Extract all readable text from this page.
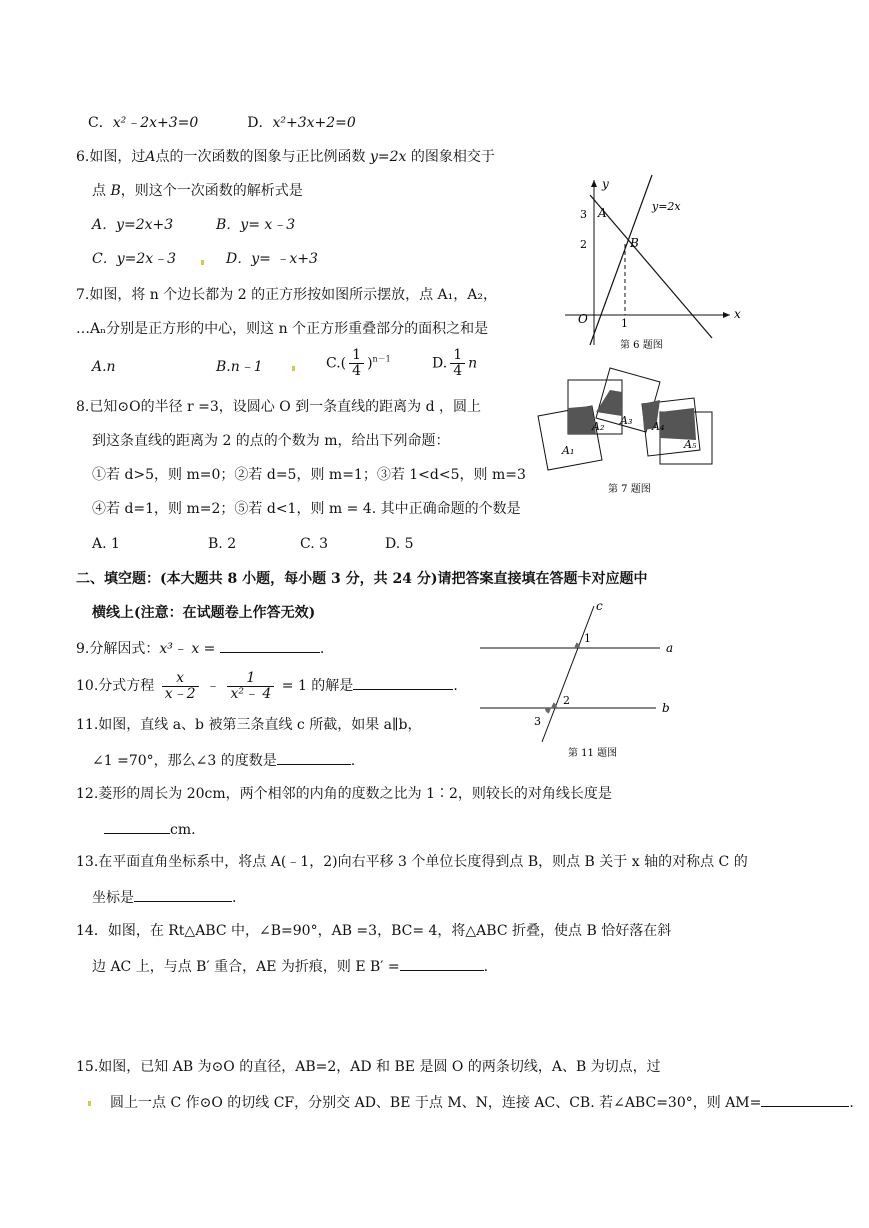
C．x²﹣2x+3=0	D．x²+3x+2=0
6.如图，过A点的一次函数的图象与正比例函数 y=2x 的图象相交于
点 B，则这个一次函数的解析式是
A．y=2x+3	B．y= x﹣3
C．y=2x﹣3	D．y= ﹣x+3
y
x
O
3
2
1
A
B
y=2x
第 6 题图
7.如图，将 n 个边长都为 2 的正方形按如图所示摆放，点 A₁，A₂，
…Aₙ分别是正方形的中心，则这 n 个正方形重叠部分的面积之和是
A.n	B.n﹣1	$C.( \frac{1}{4} )^{n-1}$	D. $\frac{1}{4}$ n
A₁
A₂ A₃ A₄
A₅
第 7 题图
8.已知⊙O的半径 r =3，设圆心 O 到一条直线的距离为 d ，圆上
到这条直线的距离为 2 的点的个数为 m，给出下列命题：
①若 d>5，则 m=0；②若 d=5，则 m=1；③若 1<d<5，则 m=3
④若 d=1，则 m=2；⑤若 d<1，则 m = 4. 其中正确命题的个数是
A. 1	B. 2	C. 3	D. 5
二、填空题：(本大题共 8 小题，每小题 3 分，共 24 分)请把答案直接填在答题卡对应题中
横线上(注意：在试题卷上作答无效)
9.分解因式：x³﹣ x =	.
10.分式方程 $\frac{x}{x﹣2}$ ﹣ $\frac{1}{\text{x²﹣ 4}} = 1$ 的解是	.
11.如图，直线 a、b 被第三条直线 c 所截，如果 a∥b，
∠1 =70°，那么∠3 的度数是	.
c
a
b
1
2
3
第 11 题图
12.菱形的周长为 20cm，两个相邻的内角的度数之比为 1∶2，则较长的对角线长度是
cm.
13.在平面直角坐标系中，将点 A(﹣1，2)向右平移 3 个单位长度得到点 B，则点 B 关于 x 轴的对称点 C 的
坐标是	.
14．如图，在 Rt△ABC 中，∠B=90°，AB =3，BC= 4，将△ABC 折叠，使点 B 恰好落在斜
边 AC 上，与点 B′ 重合，AE 为折痕，则 E B′ =	.
15.如图，已知 AB 为⊙O 的直径，AB=2，AD 和 BE 是圆 O 的两条切线，A、B 为切点，过
圆上一点 C 作⊙O 的切线 CF，分别交 AD、BE 于点 M、N，连接 AC、CB. 若∠ABC=30°，则 AM=	.
